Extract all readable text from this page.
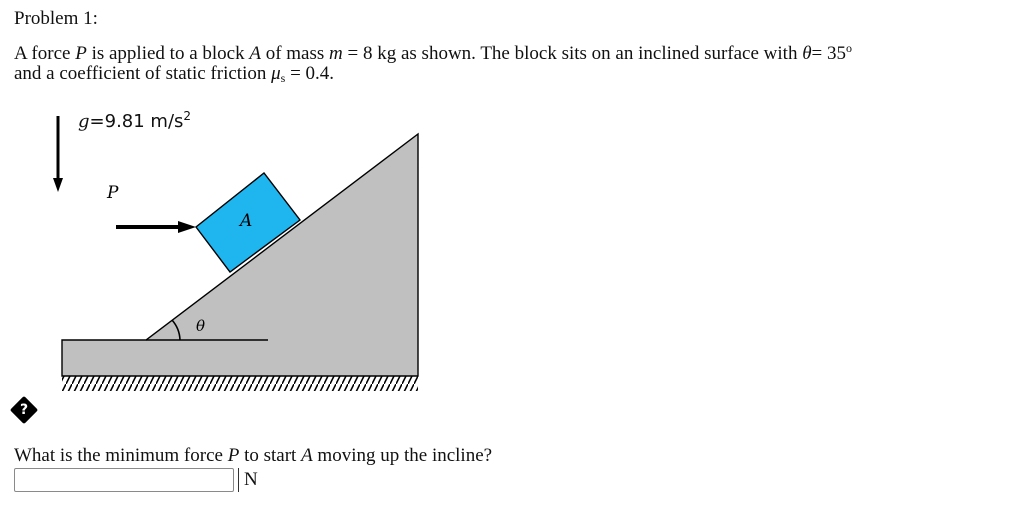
Problem 1:
A force P is applied to a block A of mass m = 8 kg as shown. The block sits on an inclined surface with $\theta= 35^o$
and a coefficient of static friction $\mu_s = 0.4$.
g=9.81 $m/s^2$
P
A
θ
?
What is the minimum force P to start A moving up the incline?
N
